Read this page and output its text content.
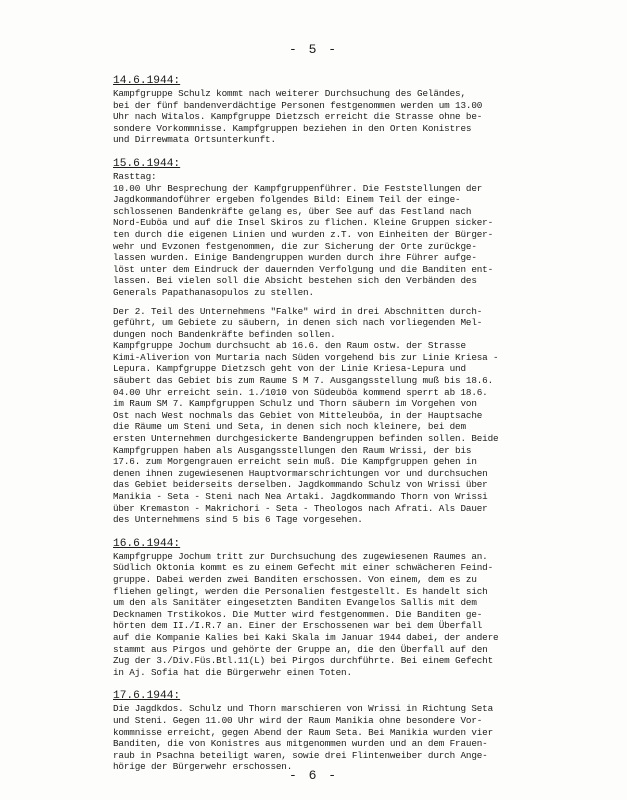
- 5 -
14.6.1944:
Kampfgruppe Schulz kommt nach weiterer Durchsuchung des Geländes,
bei der fünf bandenverdächtige Personen festgenommen werden um 13.00
Uhr nach Witalos. Kampfgruppe Dietzsch erreicht die Strasse ohne be-
sondere Vorkommnisse. Kampfgruppen beziehen in den Orten Konistres
und Dirrewmata Ortsunterkunft.
15.6.1944:
Rasttag:
10.00 Uhr Besprechung der Kampfgruppenführer. Die Feststellungen der
Jagdkommandoführer ergeben folgendes Bild: Einem Teil der einge-
schlossenen Bandenkräfte gelang es, über See auf das Festland nach
Nord-Euböa und auf die Insel Skiros zu flichen. Kleine Gruppen sicker-
ten durch die eigenen Linien und wurden z.T. von Einheiten der Bürger-
wehr und Evzonen festgenommen, die zur Sicherung der Orte zurückge-
lassen wurden. Einige Bandengruppen wurden durch ihre Führer aufge-
löst unter dem Eindruck der dauernden Verfolgung und die Banditen ent-
lassen. Bei vielen soll die Absicht bestehen sich den Verbänden des
Generals Papathanasopulos zu stellen.
Der 2. Teil des Unternehmens "Falke" wird in drei Abschnitten durch-
geführt, um Gebiete zu säubern, in denen sich nach vorliegenden Mel-
dungen noch Bandenkräfte befinden sollen.
Kampfgruppe Jochum durchsucht ab 16.6. den Raum ostw. der Strasse
Kimi-Aliverion von Murtaria nach Süden vorgehend bis zur Linie Kriesa -
Lepura. Kampfgruppe Dietzsch geht von der Linie Kriesa-Lepura und
säubert das Gebiet bis zum Raume S M 7. Ausgangsstellung muß bis 18.6.
04.00 Uhr erreicht sein. 1./1010 von Südeuböa kommend sperrt ab 18.6.
im Raum SM 7. Kampfgruppen Schulz und Thorn säubern im Vorgehen von
Ost nach West nochmals das Gebiet von Mitteleuböa, in der Hauptsache
die Räume um Steni und Seta, in denen sich noch kleinere, bei dem
ersten Unternehmen durchgesickerte Bandengruppen befinden sollen. Beide
Kampfgruppen haben als Ausgangsstellungen den Raum Wrissi, der bis
17.6. zum Morgengrauen erreicht sein muß. Die Kampfgruppen gehen in
denen ihnen zugewiesenen Hauptvormarschrichtungen vor und durchsuchen
das Gebiet beiderseits derselben. Jagdkommando Schulz von Wrissi über
Manikia - Seta - Steni nach Nea Artaki. Jagdkommando Thorn von Wrissi
über Kremaston - Makrichori - Seta - Theologos nach Afrati. Als Dauer
des Unternehmens sind 5 bis 6 Tage vorgesehen.
16.6.1944:
Kampfgruppe Jochum tritt zur Durchsuchung des zugewiesenen Raumes an.
Südlich Oktonia kommt es zu einem Gefecht mit einer schwächeren Feind-
gruppe. Dabei werden zwei Banditen erschossen. Von einem, dem es zu
fliehen gelingt, werden die Personalien festgestellt. Es handelt sich
um den als Sanitäter eingesetzten Banditen Evangelos Sallis mit dem
Decknamen Trstikokos. Die Mutter wird festgenommen. Die Banditen ge-
hörten dem II./I.R.7 an. Einer der Erschossenen war bei dem Überfall
auf die Kompanie Kalies bei Kaki Skala im Januar 1944 dabei, der andere
stammt aus Pirgos und gehörte der Gruppe an, die den Überfall auf den
Zug der 3./Div.Füs.Btl.11(L) bei Pirgos durchführte. Bei einem Gefecht
in Aj. Sofia hat die Bürgerwehr einen Toten.
17.6.1944:
Die Jagdkdos. Schulz und Thorn marschieren von Wrissi in Richtung Seta
und Steni. Gegen 11.00 Uhr wird der Raum Manikia ohne besondere Vor-
kommnisse erreicht, gegen Abend der Raum Seta. Bei Manikia wurden vier
Banditen, die von Konistres aus mitgenommen wurden und an dem Frauen-
raub in Psachna beteiligt waren, sowie drei Flintenweiber durch Ange-
hörige der Bürgerwehr erschossen.
- 6 -
